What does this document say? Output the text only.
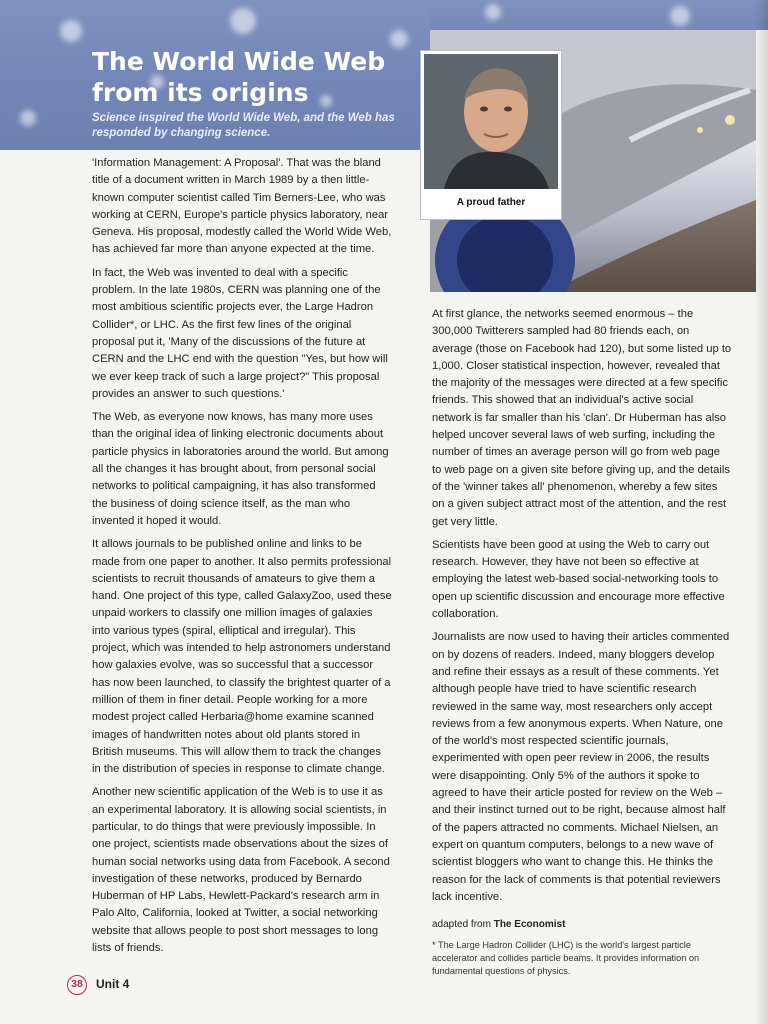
The World Wide Web from its origins

Science inspired the World Wide Web, and the Web has responded by changing science.

A proud father

'Information Management: A Proposal'. That was the bland title of a document written in March 1989 by a then little-known computer scientist called Tim Berners-Lee, who was working at CERN, Europe's particle physics laboratory, near Geneva. His proposal, modestly called the World Wide Web, has achieved far more than anyone expected at the time.

In fact, the Web was invented to deal with a specific problem. In the late 1980s, CERN was planning one of the most ambitious scientific projects ever, the Large Hadron Collider*, or LHC. As the first few lines of the original proposal put it, 'Many of the discussions of the future at CERN and the LHC end with the question "Yes, but how will we ever keep track of such a large project?" This proposal provides an answer to such questions.'

The Web, as everyone now knows, has many more uses than the original idea of linking electronic documents about particle physics in laboratories around the world. But among all the changes it has brought about, from personal social networks to political campaigning, it has also transformed the business of doing science itself, as the man who invented it hoped it would.

It allows journals to be published online and links to be made from one paper to another. It also permits professional scientists to recruit thousands of amateurs to give them a hand. One project of this type, called GalaxyZoo, used these unpaid workers to classify one million images of galaxies into various types (spiral, elliptical and irregular). This project, which was intended to help astronomers understand how galaxies evolve, was so successful that a successor has now been launched, to classify the brightest quarter of a million of them in finer detail. People working for a more modest project called Herbaria@home examine scanned images of handwritten notes about old plants stored in British museums. This will allow them to track the changes in the distribution of species in response to climate change.

Another new scientific application of the Web is to use it as an experimental laboratory. It is allowing social scientists, in particular, to do things that were previously impossible. In one project, scientists made observations about the sizes of human social networks using data from Facebook. A second investigation of these networks, produced by Bernardo Huberman of HP Labs, Hewlett-Packard's research arm in Palo Alto, California, looked at Twitter, a social networking website that allows people to post short messages to long lists of friends.

At first glance, the networks seemed enormous – the 300,000 Twitterers sampled had 80 friends each, on average (those on Facebook had 120), but some listed up to 1,000. Closer statistical inspection, however, revealed that the majority of the messages were directed at a few specific friends. This showed that an individual's active social network is far smaller than his 'clan'. Dr Huberman has also helped uncover several laws of web surfing, including the number of times an average person will go from web page to web page on a given site before giving up, and the details of the 'winner takes all' phenomenon, whereby a few sites on a given subject attract most of the attention, and the rest get very little.

Scientists have been good at using the Web to carry out research. However, they have not been so effective at employing the latest web-based social-networking tools to open up scientific discussion and encourage more effective collaboration.

Journalists are now used to having their articles commented on by dozens of readers. Indeed, many bloggers develop and refine their essays as a result of these comments. Yet although people have tried to have scientific research reviewed in the same way, most researchers only accept reviews from a few anonymous experts. When Nature, one of the world's most respected scientific journals, experimented with open peer review in 2006, the results were disappointing. Only 5% of the authors it spoke to agreed to have their article posted for review on the Web – and their instinct turned out to be right, because almost half of the papers attracted no comments. Michael Nielsen, an expert on quantum computers, belongs to a new wave of scientist bloggers who want to change this. He thinks the reason for the lack of comments is that potential reviewers lack incentive.

adapted from The Economist

* The Large Hadron Collider (LHC) is the world's largest particle accelerator and collides particle beams. It provides information on fundamental questions of physics.

38	Unit 4
